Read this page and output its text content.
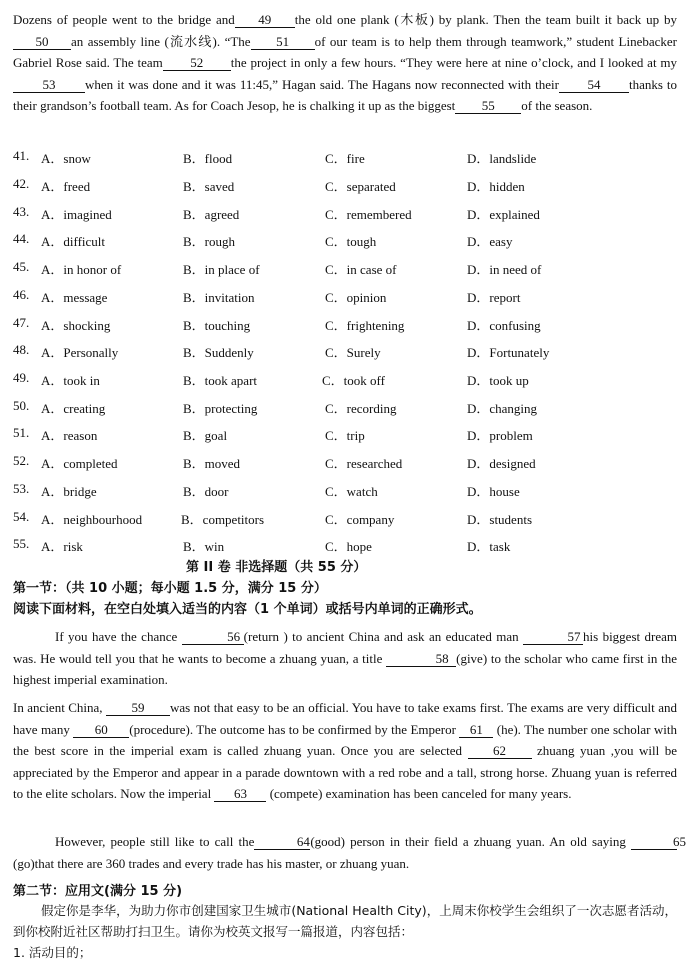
Dozens of people went to the bridge and 49 the old one plank (木板) by plank. Then the team built it back up by50 an assembly line (流水线). “The 51 of our team is to help them through teamwork,” student Linebacker Gabriel Rose said. The team 52 the project in only a few hours. “They were here at nine o’clock, and I looked at my53 when it was done and it was 11:45,” Hagan said. The Hagans now reconnected with their 54 thanks to their grandson’s football team. As for Coach Jesop, he is chalking it up as the biggest 55 of the season.
41. A．snow	B．flood	C．fire	D．landslide
42. A．freed	B．saved	C．separated	D．hidden
43. A．imagined	B．agreed	C．remembered	D．explained
44. A．difficult	B．rough	C．tough	D．easy
45. A．in honor of	B．in place of	C．in case of	D．in need of
46. A．message	B．invitation	C．opinion	D．report
47. A．shocking	B．touching	C．frightening	D．confusing
48. A．Personally	B．Suddenly	C．Surely	D．Fortunately
49. A．took in	B．took apart	C．took off	D．took up
50. A．creating	B．protecting	C．recording	D．changing
51. A．reason	B．goal	C．trip	D．problem
52. A．completed	B．moved	C．researched	D．designed
53. A．bridge	B．door	C．watch	D．house
54. A．neighbourhood	B．competitors	C．company	D．students
55. A．risk	B．win	C．hope	D．task
第 II 卷 非选择题（共 55 分）
第一节：（共 10 小题；每小题 1.5 分，满分 15 分）
阅读下面材料，在空白处填入适当的内容（1 个单词）或括号内单词的正确形式。
If you have the chance	56 (return ) to ancient China and ask an educated man	57 his biggest dream was. He would tell you that he wants to become a zhuang yuan, a title	58 (give) to the scholar who came first in the highest imperial examination.
In ancient China, 59 was not that easy to be an official. You have to take exams first. The exams are very difficult and have many 60 (procedure). The outcome has to be confirmed by the Emperor 61 (he). The number one scholar with the best score in the imperial exam is called zhuang yuan. Once you are selected 62 zhuang yuan ,you will be appreciated by the Emperor and appear in a parade downtown with a red robe and a tall, strong horse. Zhuang yuan is referred to the elite scholars. Now the imperial 63 (compete) examination has been canceled for many years.
However, people still like to call the	64(good) person in their field a zhuang yuan. An old saying	65(go)that there are 360 trades and every trade has his master, or zhuang yuan.
第二节：应用文(满分 15 分)
假定你是李华，为助力你市创建国家卫生城市(National Health City)，上周末你校学生会组织了一次志愿者活动，到你校附近社区帮助打扫卫生。请你为校英文报写一篇报道，内容包括：
1. 活动目的；
